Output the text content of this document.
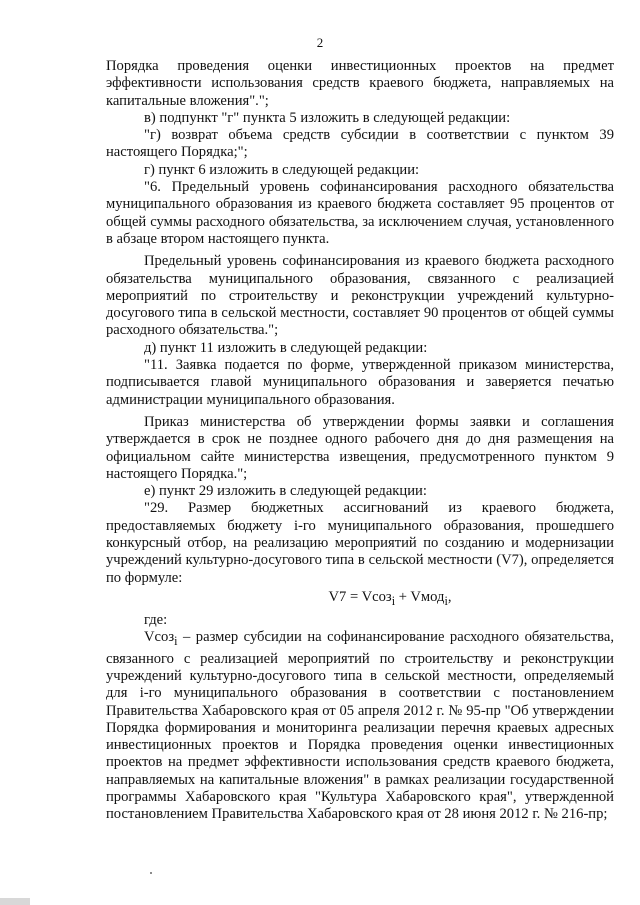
2

Порядка проведения оценки инвестиционных проектов на предмет эффективности использования средств краевого бюджета, направляемых на капитальные вложения".";

в) подпункт "г" пункта 5 изложить в следующей редакции:

"г) возврат объема средств субсидии в соответствии с пунктом 39 настоящего Порядка;";

г) пункт 6 изложить в следующей редакции:

"6. Предельный уровень софинансирования расходного обязательства муниципального образования из краевого бюджета составляет 95 процентов от общей суммы расходного обязательства, за исключением случая, установленного в абзаце втором настоящего пункта.

Предельный уровень софинансирования из краевого бюджета расходного обязательства муниципального образования, связанного с реализацией мероприятий по строительству и реконструкции учреждений культурно-досугового типа в сельской местности, составляет 90 процентов от общей суммы расходного обязательства.";

д) пункт 11 изложить в следующей редакции:

"11. Заявка подается по форме, утвержденной приказом министерства, подписывается главой муниципального образования и заверяется печатью администрации муниципального образования.

Приказ министерства об утверждении формы заявки и соглашения утверждается в срок не позднее одного рабочего дня до дня размещения на официальном сайте министерства извещения, предусмотренного пунктом 9 настоящего Порядка.";

е) пункт 29 изложить в следующей редакции:

"29. Размер бюджетных ассигнований из краевого бюджета, предоставляемых бюджету i-го муниципального образования, прошедшего конкурсный отбор, на реализацию мероприятий по созданию и модернизации учреждений культурно-досугового типа в сельской местности (V7), определяется по формуле:

V7 = Vсоз$_i$ + Vмод$_i$,

где:

Vсоз$_i$ – размер субсидии на софинансирование расходного обязательства, связанного с реализацией мероприятий по строительству и реконструкции учреждений культурно-досугового типа в сельской местности, определяемый для i-го муниципального образования в соответствии с постановлением Правительства Хабаровского края от 05 апреля 2012 г. № 95-пр "Об утверждении Порядка формирования и мониторинга реализации перечня краевых адресных инвестиционных проектов и Порядка проведения оценки инвестиционных проектов на предмет эффективности использования средств краевого бюджета, направляемых на капитальные вложения" в рамках реализации государственной программы Хабаровского края "Культура Хабаровского края", утвержденной постановлением Правительства Хабаровского края от 28 июня 2012 г. № 216-пр;
